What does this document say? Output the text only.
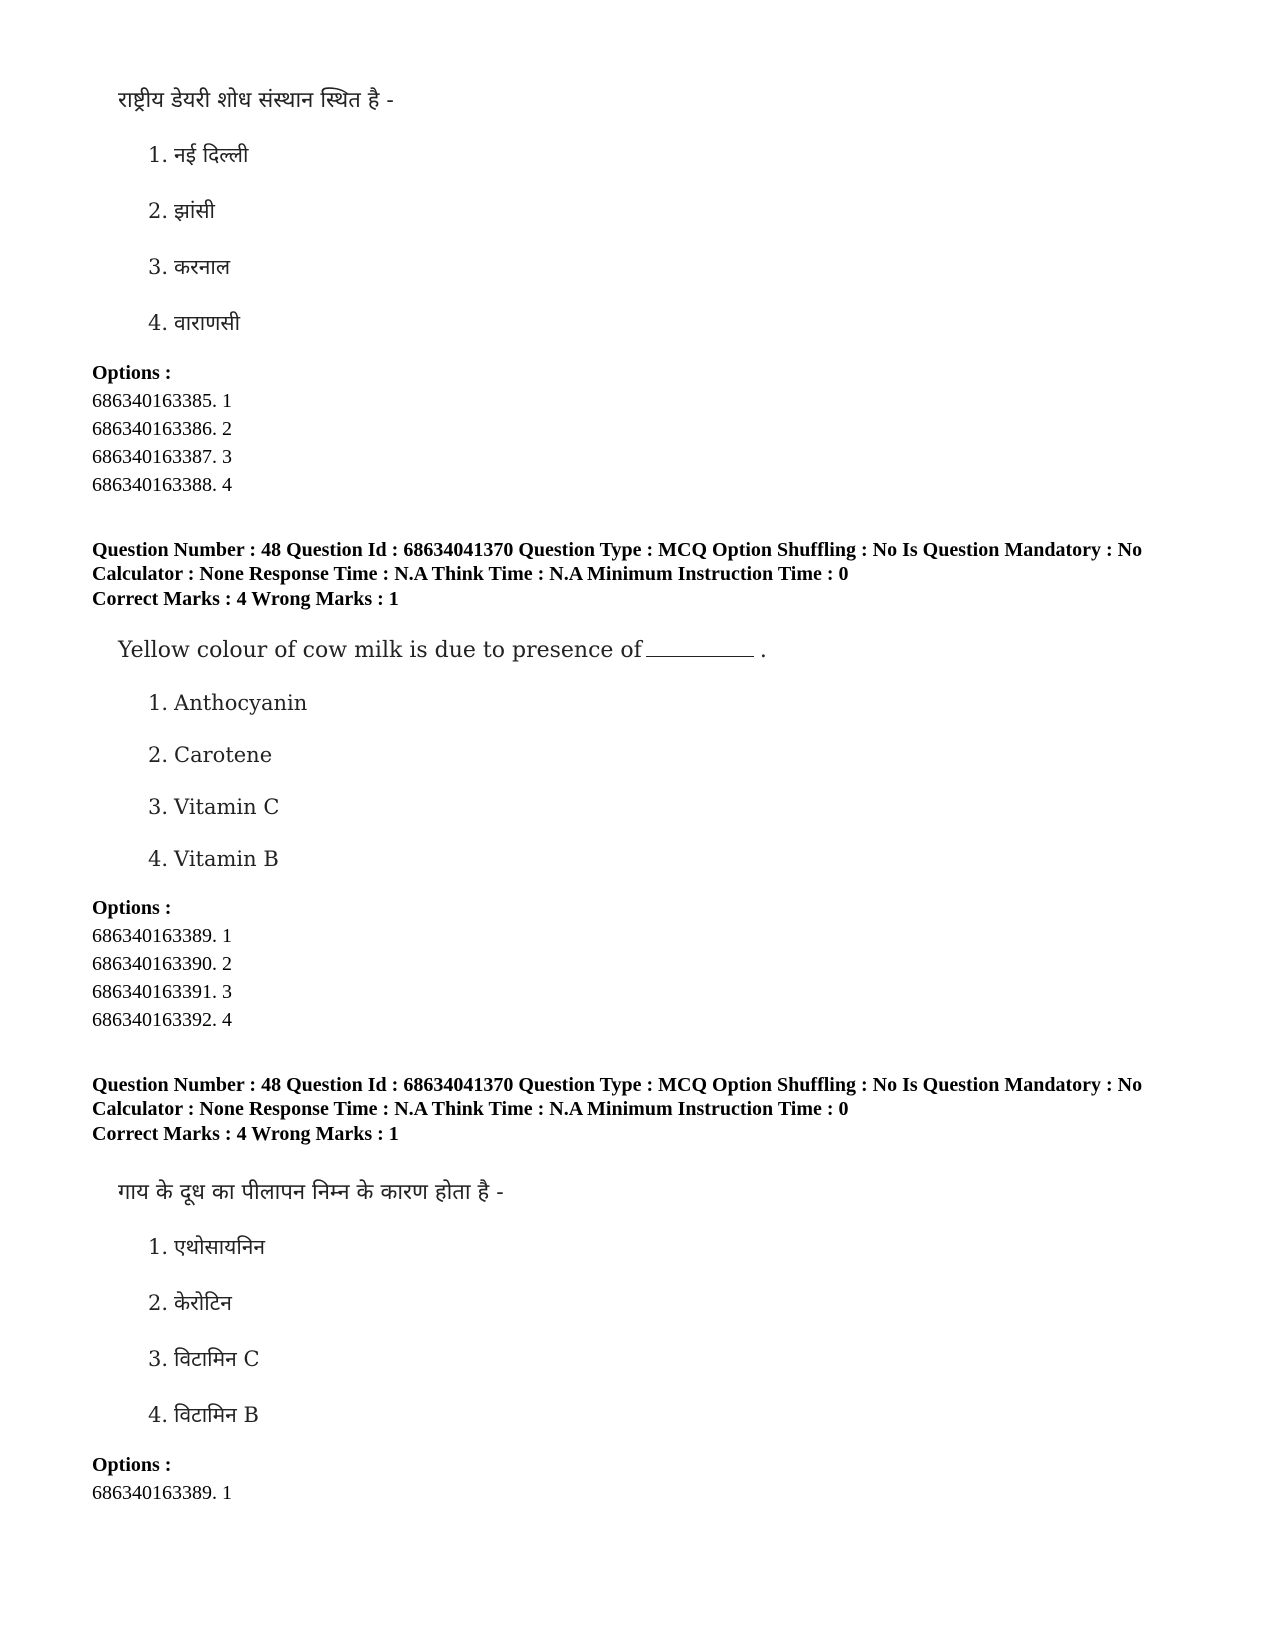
राष्ट्रीय डेयरी शोध संस्थान स्थित है -
1. नई दिल्ली
2. झांसी
3. करनाल
4. वाराणसी
Options :
686340163385. 1
686340163386. 2
686340163387. 3
686340163388. 4
Question Number : 48 Question Id : 68634041370 Question Type : MCQ Option Shuffling : No Is Question Mandatory : No Calculator : None Response Time : N.A Think Time : N.A Minimum Instruction Time : 0
Correct Marks : 4 Wrong Marks : 1
Yellow colour of cow milk is due to presence of	.
1. Anthocyanin
2. Carotene
3. Vitamin C
4. Vitamin B
Options :
686340163389. 1
686340163390. 2
686340163391. 3
686340163392. 4
Question Number : 48 Question Id : 68634041370 Question Type : MCQ Option Shuffling : No Is Question Mandatory : No Calculator : None Response Time : N.A Think Time : N.A Minimum Instruction Time : 0
Correct Marks : 4 Wrong Marks : 1
गाय के दूध का पीलापन निम्न के कारण होता है -
1. एथोसायनिन
2. केरोटिन
3. विटामिन C
4. विटामिन B
Options :
686340163389. 1
